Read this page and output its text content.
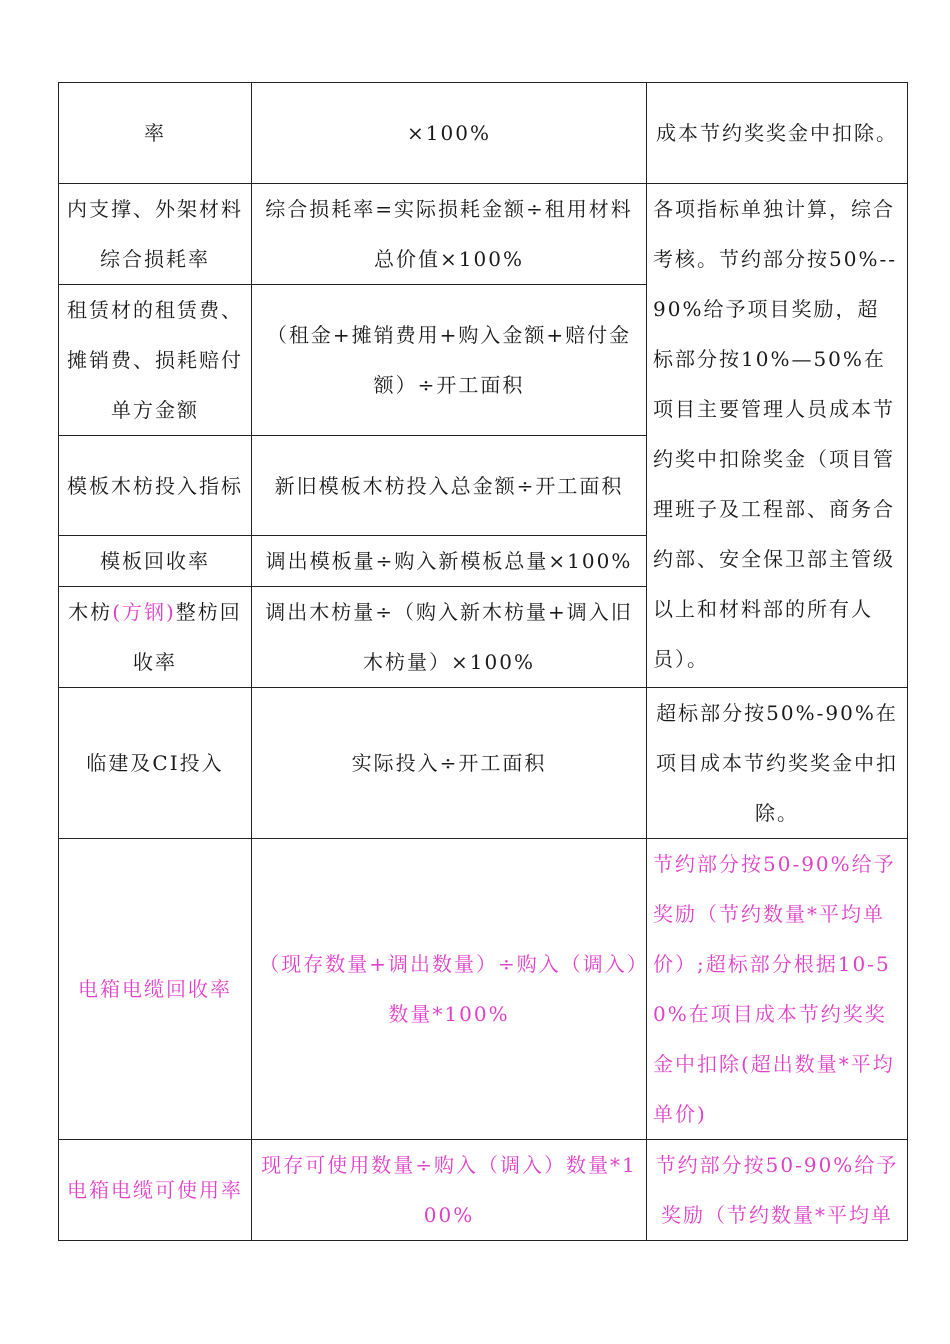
率	×100%	成本节约奖奖金中扣除。
内支撑、外架材料综合损耗率	综合损耗率=实际损耗金额÷租用材料总价值×100%	各项指标单独计算，综合考核。节约部分按50%--90%给予项目奖励，超标部分按10%—50%在项目主要管理人员成本节约奖中扣除奖金（项目管理班子及工程部、商务合约部、安全保卫部主管级以上和材料部的所有人员）。
租赁材的租赁费、摊销费、损耗赔付单方金额	（租金+摊销费用+购入金额+赔付金额）÷开工面积	
模板木枋投入指标	新旧模板木枋投入总金额÷开工面积	
模板回收率	调出模板量÷购入新模板总量×100%	
木枋(方钢)整枋回收率	调出木枋量÷（购入新木枋量+调入旧木枋量）×100%	
临建及CI投入	实际投入÷开工面积	超标部分按50%-90%在项目成本节约奖奖金中扣除。
电箱电缆回收率	（现存数量+调出数量）÷购入（调入）数量*100%	节约部分按50-90%给予奖励（节约数量*平均单价）;超标部分根据10-50%在项目成本节约奖奖金中扣除(超出数量*平均单价)
电箱电缆可使用率	现存可使用数量÷购入（调入）数量*100%	节约部分按50-90%给予奖励（节约数量*平均单
